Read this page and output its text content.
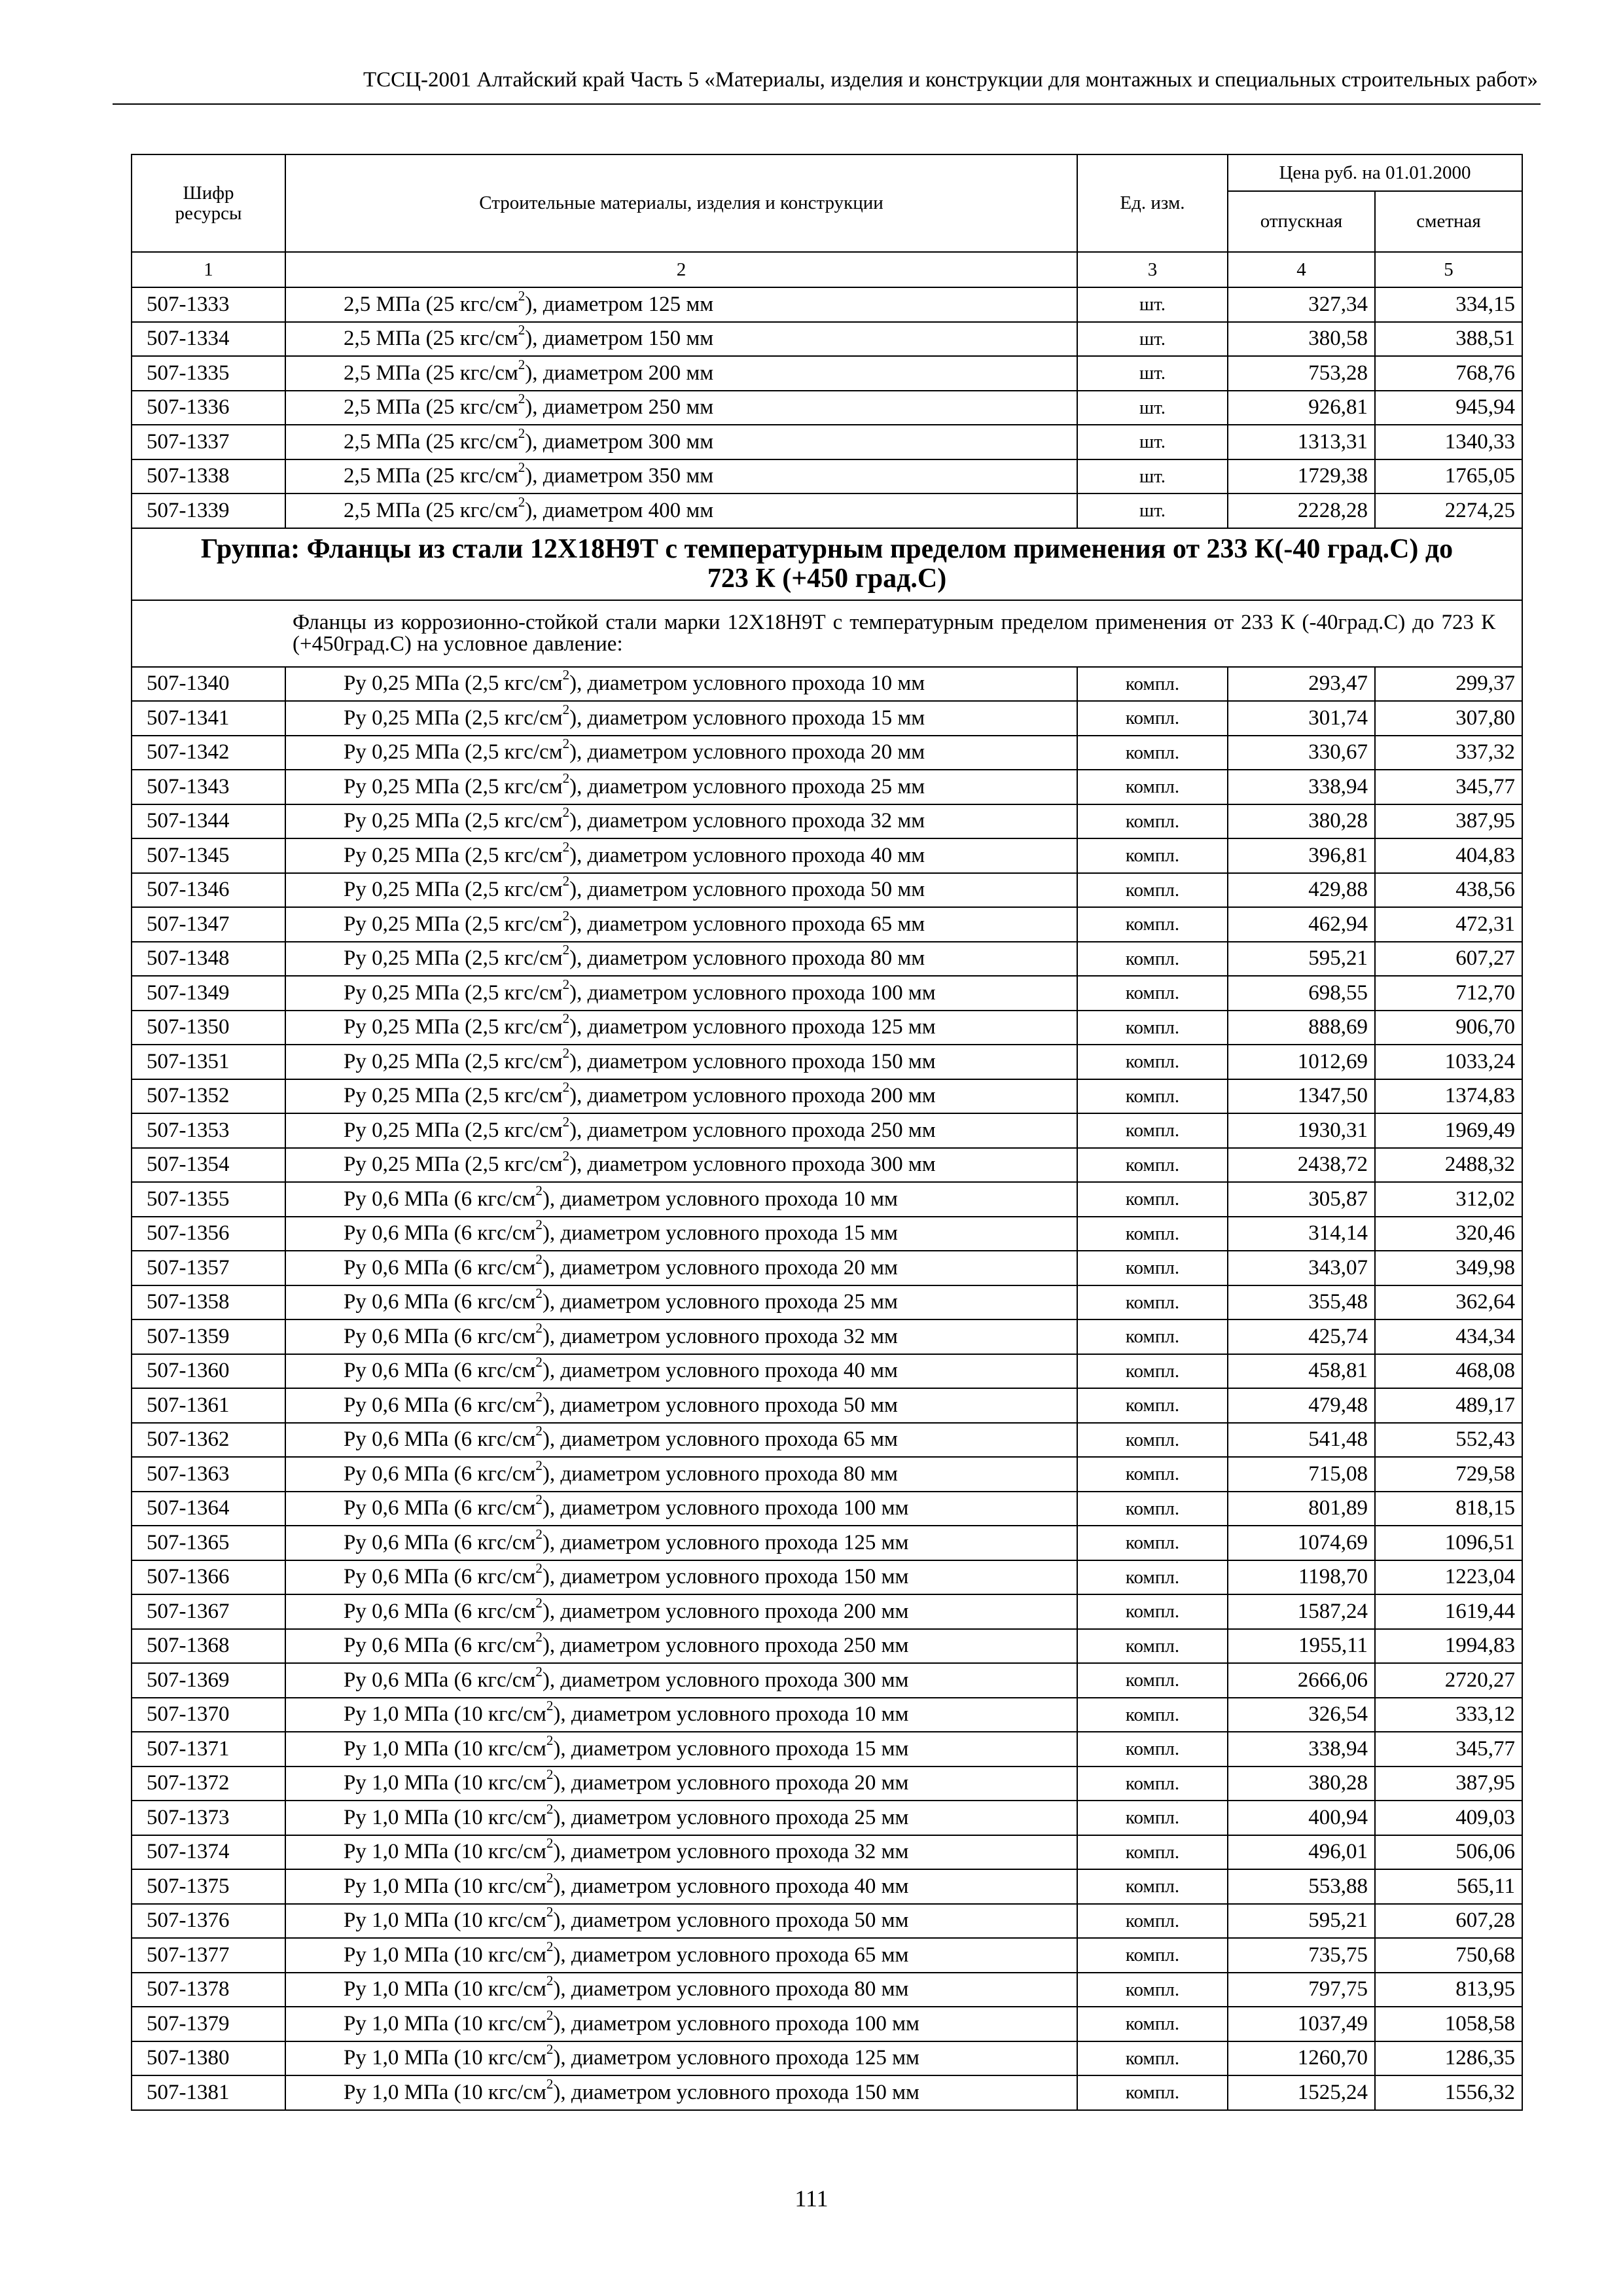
ТССЦ-2001 Алтайский край Часть 5 «Материалы, изделия и конструкции для монтажных и специальных строительных работ»
Шифр ресурсы	Строительные материалы, изделия и конструкции	Ед. изм.	Цена руб. на 01.01.2000	
			отпускная	сметная
1	2	3	4	5
507-1333	2,5 МПа (25 кгс/$см^2$), диаметром 125 мм	шт.	327,34	334,15
507-1334	2,5 МПа (25 кгс/$см^2$), диаметром 150 мм	шт.	380,58	388,51
507-1335	2,5 МПа (25 кгс/$см^2$), диаметром 200 мм	шт.	753,28	768,76
507-1336	2,5 МПа (25 кгс/$см^2$), диаметром 250 мм	шт.	926,81	945,94
507-1337	2,5 МПа (25 кгс/$см^2$), диаметром 300 мм	шт.	1313,31	1340,33
507-1338	2,5 МПа (25 кгс/$см^2$), диаметром 350 мм	шт.	1729,38	1765,05
507-1339	2,5 МПа (25 кгс/$см^2$), диаметром 400 мм	шт.	2228,28	2274,25
Группа: Фланцы из стали 12Х18Н9Т с температурным пределом применения от 233 К(-40 град.С) до 723 К (+450 град.С)				
Фланцы из коррозионно-стойкой стали марки 12Х18Н9Т с температурным пределом применения от 233 К (-40град.С) до 723 К (+450град.С) на условное давление:				
507-1340	Ру 0,25 МПа (2,5 кгс/$см^2$), диаметром условного прохода 10 мм	компл.	293,47	299,37
507-1341	Ру 0,25 МПа (2,5 кгс/$см^2$), диаметром условного прохода 15 мм	компл.	301,74	307,80
507-1342	Ру 0,25 МПа (2,5 кгс/$см^2$), диаметром условного прохода 20 мм	компл.	330,67	337,32
507-1343	Ру 0,25 МПа (2,5 кгс/$см^2$), диаметром условного прохода 25 мм	компл.	338,94	345,77
507-1344	Ру 0,25 МПа (2,5 кгс/$см^2$), диаметром условного прохода 32 мм	компл.	380,28	387,95
507-1345	Ру 0,25 МПа (2,5 кгс/$см^2$), диаметром условного прохода 40 мм	компл.	396,81	404,83
507-1346	Ру 0,25 МПа (2,5 кгс/$см^2$), диаметром условного прохода 50 мм	компл.	429,88	438,56
507-1347	Ру 0,25 МПа (2,5 кгс/$см^2$), диаметром условного прохода 65 мм	компл.	462,94	472,31
507-1348	Ру 0,25 МПа (2,5 кгс/$см^2$), диаметром условного прохода 80 мм	компл.	595,21	607,27
507-1349	Ру 0,25 МПа (2,5 кгс/$см^2$), диаметром условного прохода 100 мм	компл.	698,55	712,70
507-1350	Ру 0,25 МПа (2,5 кгс/$см^2$), диаметром условного прохода 125 мм	компл.	888,69	906,70
507-1351	Ру 0,25 МПа (2,5 кгс/$см^2$), диаметром условного прохода 150 мм	компл.	1012,69	1033,24
507-1352	Ру 0,25 МПа (2,5 кгс/$см^2$), диаметром условного прохода 200 мм	компл.	1347,50	1374,83
507-1353	Ру 0,25 МПа (2,5 кгс/$см^2$), диаметром условного прохода 250 мм	компл.	1930,31	1969,49
507-1354	Ру 0,25 МПа (2,5 кгс/$см^2$), диаметром условного прохода 300 мм	компл.	2438,72	2488,32
507-1355	Ру 0,6 МПа (6 кгс/$см^2$), диаметром условного прохода 10 мм	компл.	305,87	312,02
507-1356	Ру 0,6 МПа (6 кгс/$см^2$), диаметром условного прохода 15 мм	компл.	314,14	320,46
507-1357	Ру 0,6 МПа (6 кгс/$см^2$), диаметром условного прохода 20 мм	компл.	343,07	349,98
507-1358	Ру 0,6 МПа (6 кгс/$см^2$), диаметром условного прохода 25 мм	компл.	355,48	362,64
507-1359	Ру 0,6 МПа (6 кгс/$см^2$), диаметром условного прохода 32 мм	компл.	425,74	434,34
507-1360	Ру 0,6 МПа (6 кгс/$см^2$), диаметром условного прохода 40 мм	компл.	458,81	468,08
507-1361	Ру 0,6 МПа (6 кгс/$см^2$), диаметром условного прохода 50 мм	компл.	479,48	489,17
507-1362	Ру 0,6 МПа (6 кгс/$см^2$), диаметром условного прохода 65 мм	компл.	541,48	552,43
507-1363	Ру 0,6 МПа (6 кгс/$см^2$), диаметром условного прохода 80 мм	компл.	715,08	729,58
507-1364	Ру 0,6 МПа (6 кгс/$см^2$), диаметром условного прохода 100 мм	компл.	801,89	818,15
507-1365	Ру 0,6 МПа (6 кгс/$см^2$), диаметром условного прохода 125 мм	компл.	1074,69	1096,51
507-1366	Ру 0,6 МПа (6 кгс/$см^2$), диаметром условного прохода 150 мм	компл.	1198,70	1223,04
507-1367	Ру 0,6 МПа (6 кгс/$см^2$), диаметром условного прохода 200 мм	компл.	1587,24	1619,44
507-1368	Ру 0,6 МПа (6 кгс/$см^2$), диаметром условного прохода 250 мм	компл.	1955,11	1994,83
507-1369	Ру 0,6 МПа (6 кгс/$см^2$), диаметром условного прохода 300 мм	компл.	2666,06	2720,27
507-1370	Ру 1,0 МПа (10 кгс/$см^2$), диаметром условного прохода 10 мм	компл.	326,54	333,12
507-1371	Ру 1,0 МПа (10 кгс/$см^2$), диаметром условного прохода 15 мм	компл.	338,94	345,77
507-1372	Ру 1,0 МПа (10 кгс/$см^2$), диаметром условного прохода 20 мм	компл.	380,28	387,95
507-1373	Ру 1,0 МПа (10 кгс/$см^2$), диаметром условного прохода 25 мм	компл.	400,94	409,03
507-1374	Ру 1,0 МПа (10 кгс/$см^2$), диаметром условного прохода 32 мм	компл.	496,01	506,06
507-1375	Ру 1,0 МПа (10 кгс/$см^2$), диаметром условного прохода 40 мм	компл.	553,88	565,11
507-1376	Ру 1,0 МПа (10 кгс/$см^2$), диаметром условного прохода 50 мм	компл.	595,21	607,28
507-1377	Ру 1,0 МПа (10 кгс/$см^2$), диаметром условного прохода 65 мм	компл.	735,75	750,68
507-1378	Ру 1,0 МПа (10 кгс/$см^2$), диаметром условного прохода 80 мм	компл.	797,75	813,95
507-1379	Ру 1,0 МПа (10 кгс/$см^2$), диаметром условного прохода 100 мм	компл.	1037,49	1058,58
507-1380	Ру 1,0 МПа (10 кгс/$см^2$), диаметром условного прохода 125 мм	компл.	1260,70	1286,35
507-1381	Ру 1,0 МПа (10 кгс/$см^2$), диаметром условного прохода 150 мм	компл.	1525,24	1556,32
111
